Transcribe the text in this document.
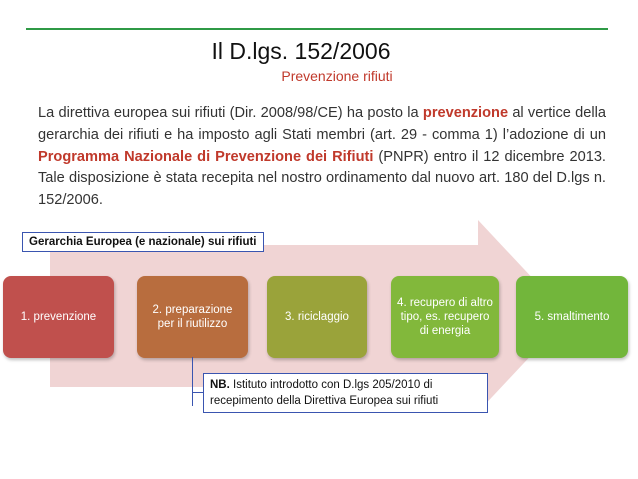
Il D.lgs. 152/2006
Prevenzione rifiuti
La direttiva europea sui rifiuti (Dir. 2008/98/CE) ha posto la prevenzione al vertice della gerarchia dei rifiuti e ha imposto agli Stati membri (art. 29 - comma 1) l’adozione di un Programma Nazionale di Prevenzione dei Rifiuti (PNPR) entro il 12 dicembre 2013. Tale disposizione è stata recepita nel nostro ordinamento dal nuovo art. 180 del D.lgs n. 152/2006.
Gerarchia Europea (e nazionale) sui rifiuti
1. prevenzione
2. preparazione per il riutilizzo
3. riciclaggio
4. recupero di altro tipo, es. recupero di energia
5. smaltimento
NB. Istituto introdotto con D.lgs 205/2010 di recepimento della Direttiva Europea sui rifiuti
